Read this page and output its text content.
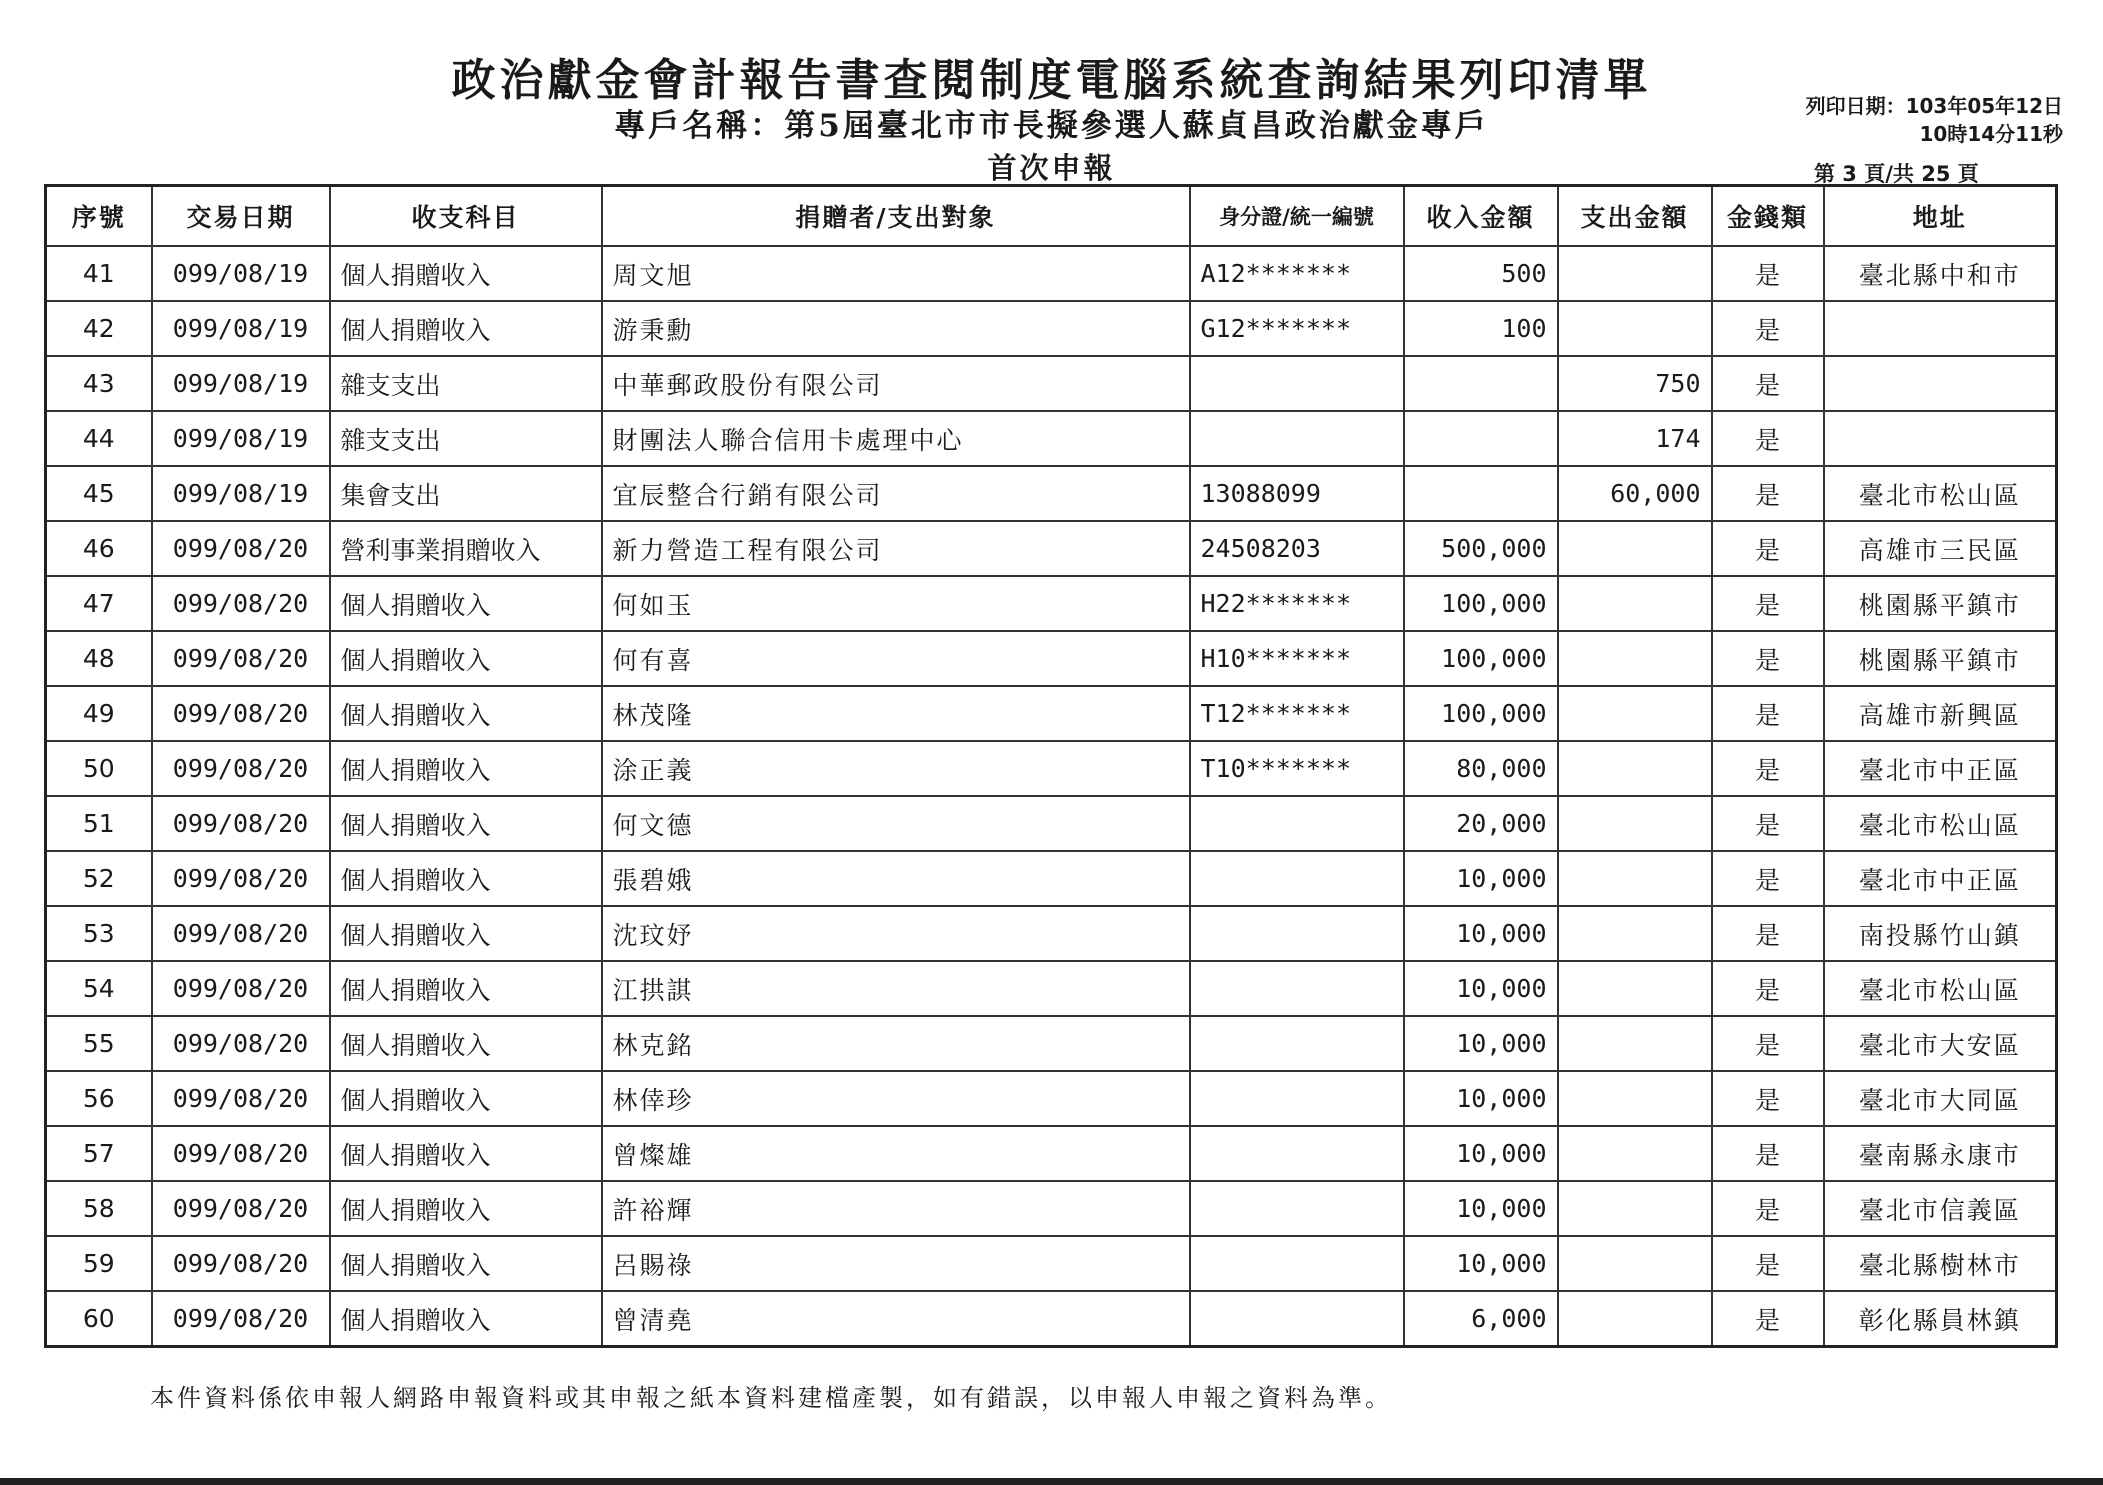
政治獻金會計報告書查閱制度電腦系統查詢結果列印清單
專戶名稱：第5屆臺北市市長擬參選人蘇貞昌政治獻金專戶
首次申報
列印日期：103年05年12日
10時14分11秒
第 3 頁/共 25 頁
序號	交易日期	收支科目	捐贈者/支出對象	身分證/統一編號	收入金額	支出金額	金錢類	地址
41	099/08/19	個人捐贈收入	周文旭	A12*******	500		是	臺北縣中和市
42	099/08/19	個人捐贈收入	游秉勳	G12*******	100		是	
43	099/08/19	雜支支出	中華郵政股份有限公司			750	是	
44	099/08/19	雜支支出	財團法人聯合信用卡處理中心			174	是	
45	099/08/19	集會支出	宜辰整合行銷有限公司	13088099		60,000	是	臺北市松山區
46	099/08/20	營利事業捐贈收入	新力營造工程有限公司	24508203	500,000		是	高雄市三民區
47	099/08/20	個人捐贈收入	何如玉	H22*******	100,000		是	桃園縣平鎮市
48	099/08/20	個人捐贈收入	何有喜	H10*******	100,000		是	桃園縣平鎮市
49	099/08/20	個人捐贈收入	林茂隆	T12*******	100,000		是	高雄市新興區
50	099/08/20	個人捐贈收入	涂正義	T10*******	80,000		是	臺北市中正區
51	099/08/20	個人捐贈收入	何文德		20,000		是	臺北市松山區
52	099/08/20	個人捐贈收入	張碧娥		10,000		是	臺北市中正區
53	099/08/20	個人捐贈收入	沈玟妤		10,000		是	南投縣竹山鎮
54	099/08/20	個人捐贈收入	江拱諆		10,000		是	臺北市松山區
55	099/08/20	個人捐贈收入	林克銘		10,000		是	臺北市大安區
56	099/08/20	個人捐贈收入	林倖珍		10,000		是	臺北市大同區
57	099/08/20	個人捐贈收入	曾燦雄		10,000		是	臺南縣永康市
58	099/08/20	個人捐贈收入	許裕輝		10,000		是	臺北市信義區
59	099/08/20	個人捐贈收入	呂賜祿		10,000		是	臺北縣樹林市
60	099/08/20	個人捐贈收入	曾清堯		6,000		是	彰化縣員林鎮
本件資料係依申報人網路申報資料或其申報之紙本資料建檔產製，如有錯誤，以申報人申報之資料為準。
